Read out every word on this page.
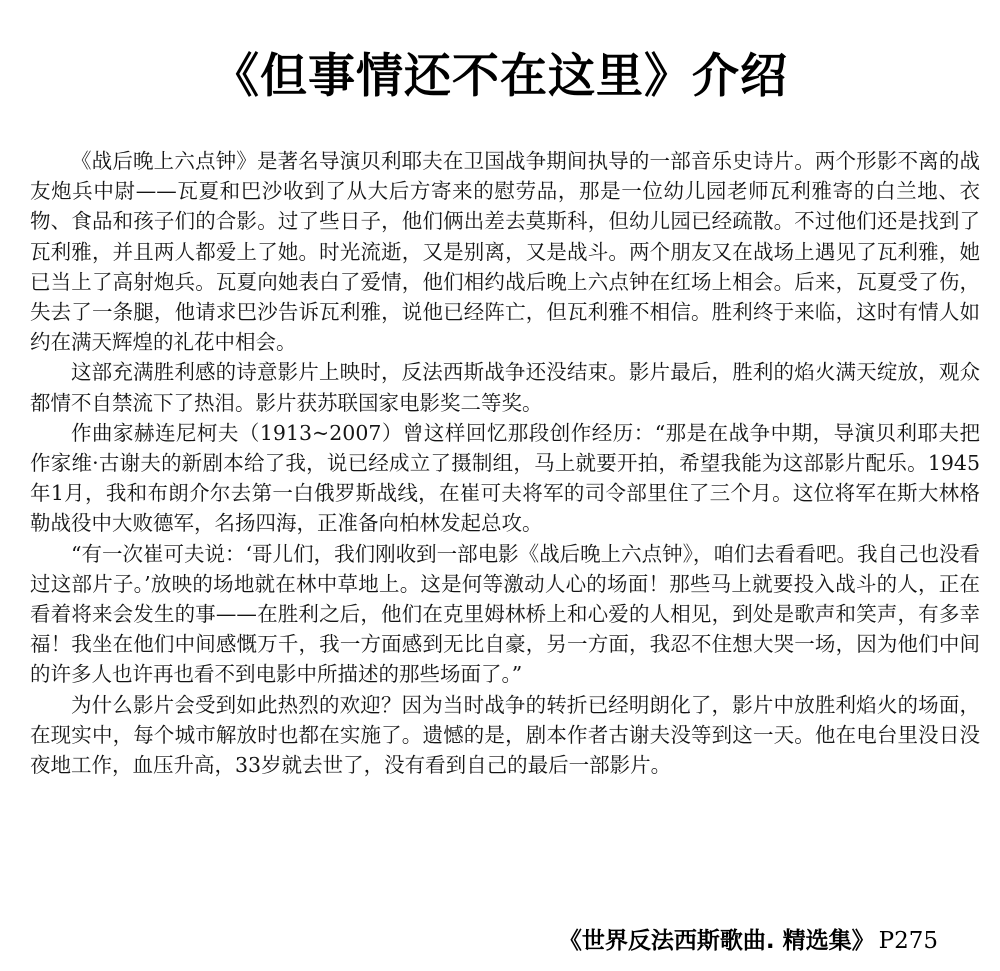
《但事情还不在这里》介绍

《战后晚上六点钟》是著名导演贝利耶夫在卫国战争期间执导的一部音乐史诗片。两个形影不离的战友炮兵中尉——瓦夏和巴沙收到了从大后方寄来的慰劳品，那是一位幼儿园老师瓦利雅寄的白兰地、衣物、食品和孩子们的合影。过了些日子，他们俩出差去莫斯科，但幼儿园已经疏散。不过他们还是找到了瓦利雅，并且两人都爱上了她。时光流逝，又是别离，又是战斗。两个朋友又在战场上遇见了瓦利雅，她已当上了高射炮兵。瓦夏向她表白了爱情，他们相约战后晚上六点钟在红场上相会。后来，瓦夏受了伤，失去了一条腿，他请求巴沙告诉瓦利雅，说他已经阵亡，但瓦利雅不相信。胜利终于来临，这时有情人如约在满天辉煌的礼花中相会。

这部充满胜利感的诗意影片上映时，反法西斯战争还没结束。影片最后，胜利的焰火满天绽放，观众都情不自禁流下了热泪。影片获苏联国家电影奖二等奖。

作曲家赫连尼柯夫（1913~2007）曾这样回忆那段创作经历：“那是在战争中期，导演贝利耶夫把作家维·古谢夫的新剧本给了我，说已经成立了摄制组，马上就要开拍，希望我能为这部影片配乐。1945年1月，我和布朗介尔去第一白俄罗斯战线，在崔可夫将军的司令部里住了三个月。这位将军在斯大林格勒战役中大败德军，名扬四海，正准备向柏林发起总攻。

“有一次崔可夫说：‘哥儿们，我们刚收到一部电影《战后晚上六点钟》，咱们去看看吧。我自己也没看过这部片子。’放映的场地就在林中草地上。这是何等激动人心的场面！那些马上就要投入战斗的人，正在看着将来会发生的事——在胜利之后，他们在克里姆林桥上和心爱的人相见，到处是歌声和笑声，有多幸福！我坐在他们中间感慨万千，我一方面感到无比自豪，另一方面，我忍不住想大哭一场，因为他们中间的许多人也许再也看不到电影中所描述的那些场面了。”

为什么影片会受到如此热烈的欢迎？因为当时战争的转折已经明朗化了，影片中放胜利焰火的场面，在现实中，每个城市解放时也都在实施了。遗憾的是，剧本作者古谢夫没等到这一天。他在电台里没日没夜地工作，血压升高，33岁就去世了，没有看到自己的最后一部影片。

《世界反法西斯歌曲. 精选集》 P275
